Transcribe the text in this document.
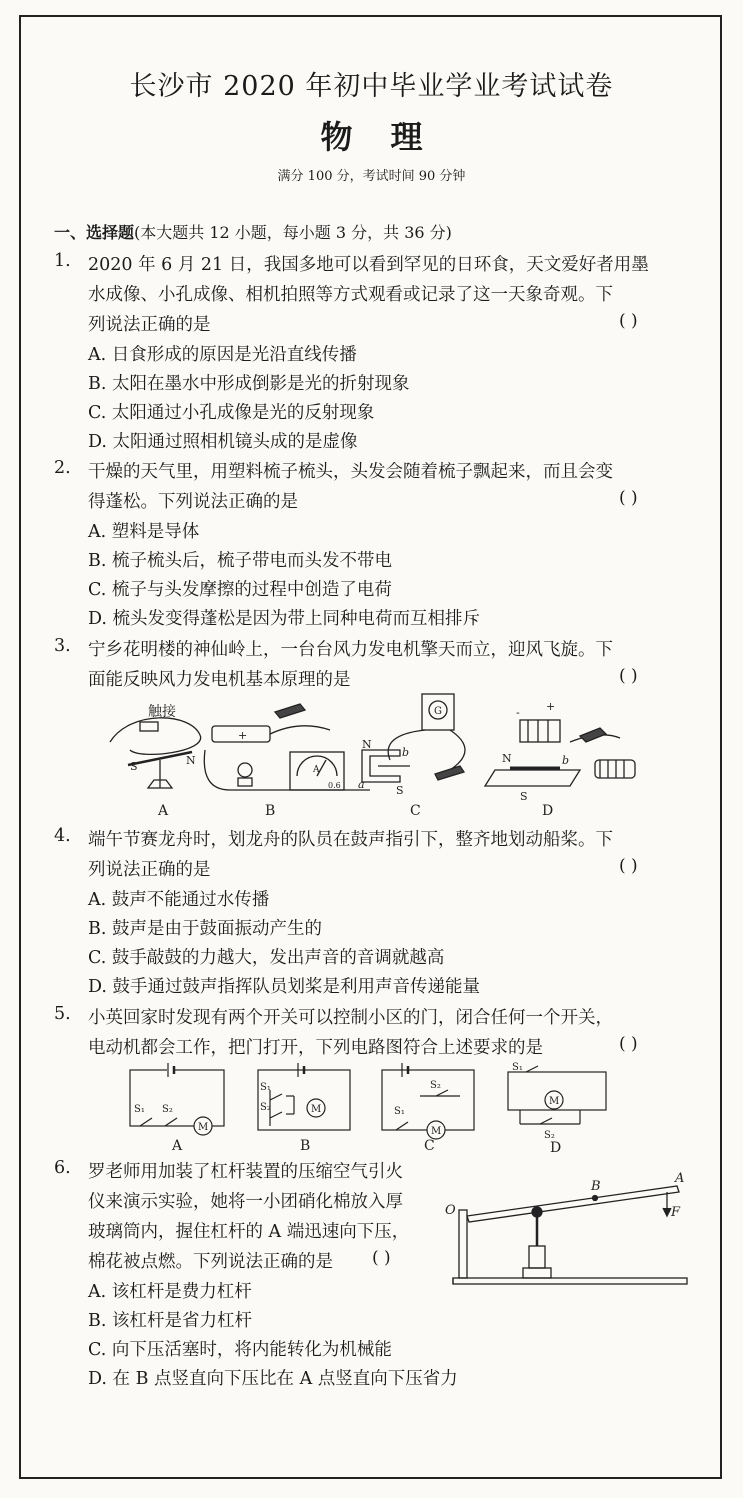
长沙市 2020 年初中毕业学业考试试卷
物理
满分 100 分，考试时间 90 分钟
一、选择题(本大题共 12 小题，每小题 3 分，共 36 分)
1. 2020 年 6 月 21 日，我国多地可以看到罕见的日环食，天文爱好者用墨
水成像、小孔成像、相机拍照等方式观看或记录了这一天象奇观。下
列说法正确的是	( )
A. 日食形成的原因是光沿直线传播
B. 太阳在墨水中形成倒影是光的折射现象
C. 太阳通过小孔成像是光的反射现象
D. 太阳通过照相机镜头成的是虚像
2. 干燥的天气里，用塑料梳子梳头，头发会随着梳子飘起来，而且会变
得蓬松。下列说法正确的是	( )
A. 塑料是导体
B. 梳子梳头后，梳子带电而头发不带电
C. 梳子与头发摩擦的过程中创造了电荷
D. 梳头发变得蓬松是因为带上同种电荷而互相排斥
3. 宁乡花明楼的神仙岭上，一台台风力发电机擎天而立，迎风飞旋。下
面能反映风力发电机基本原理的是	( )
触接
S	N
+
A
0.6
G
N
S
a
b
+
-
N
S
b
A	B	C	D
4. 端午节赛龙舟时，划龙舟的队员在鼓声指引下，整齐地划动船桨。下
列说法正确的是	( )
A. 鼓声不能通过水传播
B. 鼓声是由于鼓面振动产生的
C. 鼓手敲鼓的力越大，发出声音的音调就越高
D. 鼓手通过鼓声指挥队员划桨是利用声音传递能量
5. 小英回家时发现有两个开关可以控制小区的门，闭合任何一个开关，
电动机都会工作，把门打开，下列电路图符合上述要求的是	( )
M
S₁ S₂	M
S₁
S₂
M
S₁
S₂
M
S₁
S₂
A	B	C	D
6. 罗老师用加装了杠杆装置的压缩空气引火
仪来演示实验，她将一小团硝化棉放入厚
玻璃筒内，握住杠杆的 A 端迅速向下压，
棉花被点燃。下列说法正确的是 ( )
A. 该杠杆是费力杠杆
B. 该杠杆是省力杠杆
C. 向下压活塞时，将内能转化为机械能
D. 在 B 点竖直向下压比在 A 点竖直向下压省力
O
B
A
F
